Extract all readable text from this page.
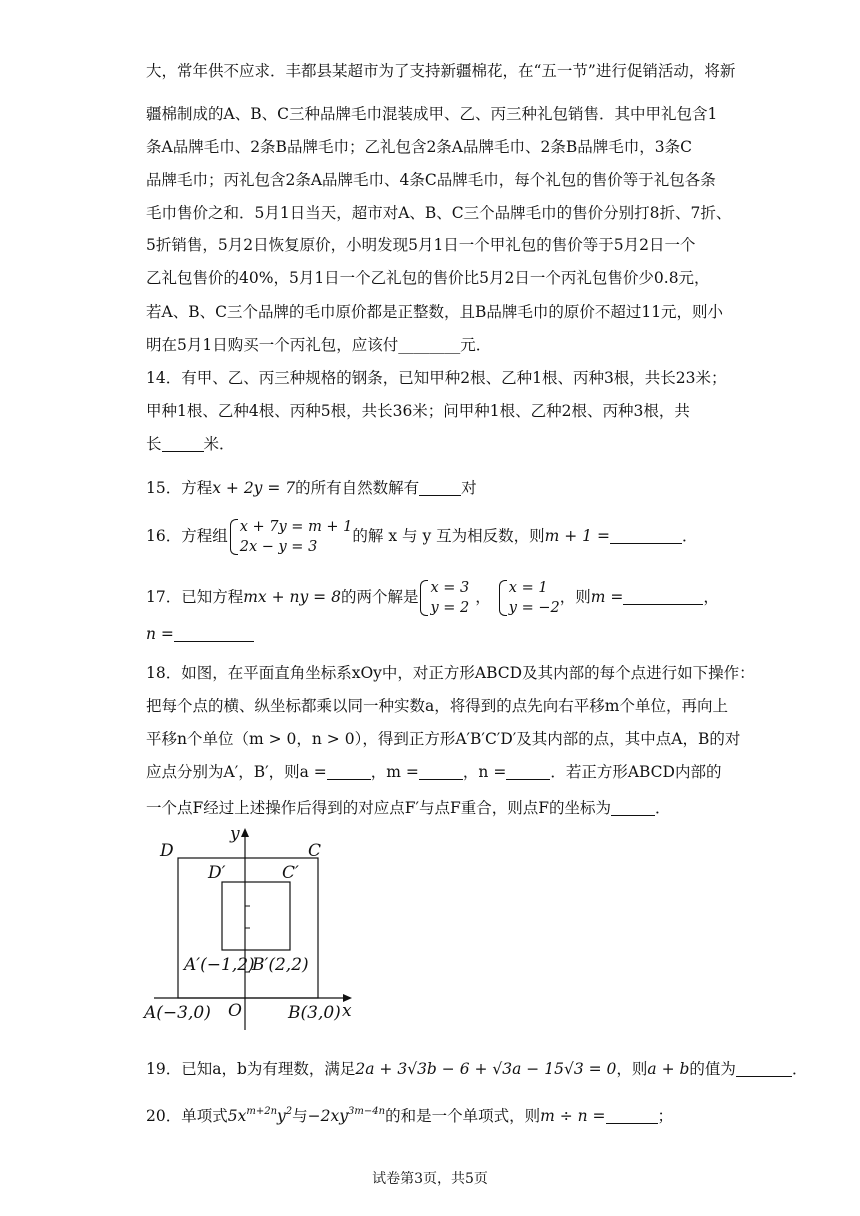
大，常年供不应求．丰都县某超市为了支持新疆棉花，在“五一节”进行促销活动，将新
疆棉制成的A、B、C三种品牌毛巾混装成甲、乙、丙三种礼包销售．其中甲礼包含1
条A品牌毛巾、2条B品牌毛巾；乙礼包含2条A品牌毛巾、2条B品牌毛巾，3条C
品牌毛巾；丙礼包含2条A品牌毛巾、4条C品牌毛巾，每个礼包的售价等于礼包各条
毛巾售价之和．5月1日当天，超市对A、B、C三个品牌毛巾的售价分别打8折、7折、
5折销售，5月2日恢复原价，小明发现5月1日一个甲礼包的售价等于5月2日一个
乙礼包售价的40%，5月1日一个乙礼包的售价比5月2日一个丙礼包售价少0.8元，
若A、B、C三个品牌的毛巾原价都是正整数，且B品牌毛巾的原价不超过11元，则小
明在5月1日购买一个丙礼包，应该付________元．
14．有甲、乙、丙三种规格的钢条，已知甲种2根、乙种1根、丙种3根，共长23米；
甲种1根、乙种4根、丙种5根，共长36米；问甲种1根、乙种2根、丙种3根，共
长	米．
15．方程x + 2y = 7的所有自然数解有	对
16．方程组 x + 7y = m + 1
2x − y = 3
的解 x 与 y 互为相反数，则m + 1 =	．
17．已知方程mx + ny = 8的两个解是 x = 3
y = 2
， x = 1
y = −2
，则m =	，
n =
18．如图，在平面直角坐标系xOy中，对正方形ABCD及其内部的每个点进行如下操作：
把每个点的横、纵坐标都乘以同一种实数a，将得到的点先向右平移m个单位，再向上
平移n个单位（m > 0，n > 0），得到正方形A′B′C′D′及其内部的点，其中点A，B的对
应点分别为A′，B′，则a =	，m =	，n =	．若正方形ABCD内部的
一个点F经过上述操作后得到的对应点F′与点F重合，则点F的坐标为	．
D	C
D′	C′
y
x
O
A′(−1,2)
B′(2,2)
A(−3,0)	B(3,0)
19．已知a，b为有理数，满足2a + 3√3b − 6 + √3a − 15√3 = 0，则a + b的值为	．
20．单项式$5x^{m+2n}y^2$与$-2xy^{3m-4n}$的和是一个单项式，则m ÷ n =	；
试卷第3页，共5页
